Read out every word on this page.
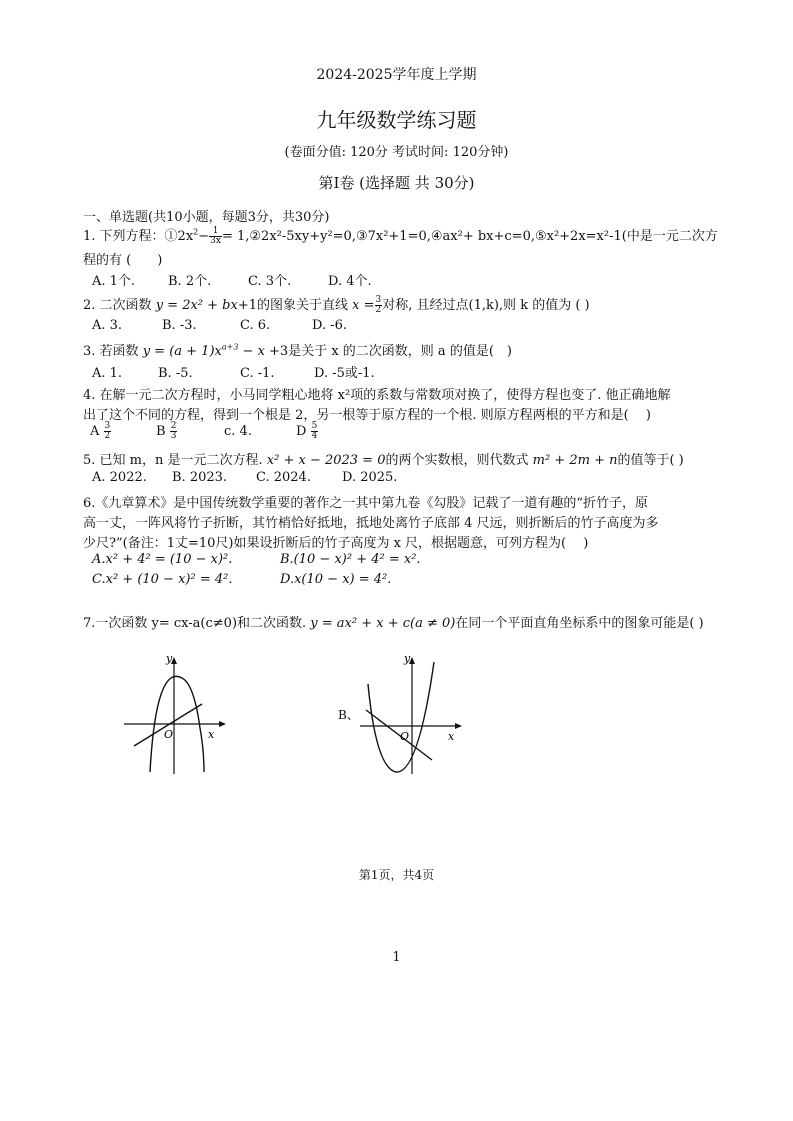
2024-2025学年度上学期
九年级数学练习题
(卷面分值: 120分 考试时间: 120分钟)
第Ⅰ卷 (选择题 共 30分)
一、单选题(共10小题，每题3分，共30分)
1. 下列方程：$①2x^2- \frac{1}{3x}$ = 1,②2x²-5xy+y²=0,③7x²+1=0,④ax²+ bx+c=0,⑤x²+2x=x²-1(中是一元二次方
程的有 (　　)
A. 1个.	B. 2个.	C. 3个.	D. 4个.
2. 二次函数 y = 2x² + bx+1的图象关于直线 $x = \frac{3}{2}$ 对称, 且经过点(1,k),则 k 的值为 ( )
A. 3.	B. -3.	C. 6.	D. -6.
3. 若函数 $y = (a + 1)x^{a+3} - x +3$是关于 x 的二次函数，则 a 的值是(　)
A. 1.	B. -5.	C. -1.	D. -5或-1.
4. 在解一元二次方程时，小马同学粗心地将 x²项的系数与常数项对换了，使得方程也变了. 他正确地解
出了这个不同的方程，得到一个根是 2，另一根等于原方程的一个根. 则原方程两根的平方和是(　 )
A $\frac{3}{2}$	B $\frac{2}{3}$	c. 4.	D $\frac{5}{4}$
5. 已知 m，n 是一元二次方程. x² + x − 2023 = 0的两个实数根，则代数式 m² + 2m + n的值等于( )
A. 2022. B. 2023. C. 2024. D. 2025.
6.《九章算术》是中国传统数学重要的著作之一其中第九卷《勾股》记载了一道有趣的“折竹子，原
高一丈，一阵风将竹子折断，其竹梢恰好抵地，抵地处离竹子底部 4 尺远，则折断后的竹子高度为多
少尺?”(备注：1丈=10尺)如果设折断后的竹子高度为 x 尺，根据题意，可列方程为(　 )
A.x² + 4² = (10 − x)².	B.(10 − x)² + 4² = x².
C.x² + (10 − x)² = 4².	D.x(10 − x) = 4².
7.一次函数 y= cx-a(c≠0)和二次函数. y = ax² + x + c(a ≠ 0)在同一个平面直角坐标系中的图象可能是( )
y
x
O
B、
y
x
O
第1页，共4页
1
